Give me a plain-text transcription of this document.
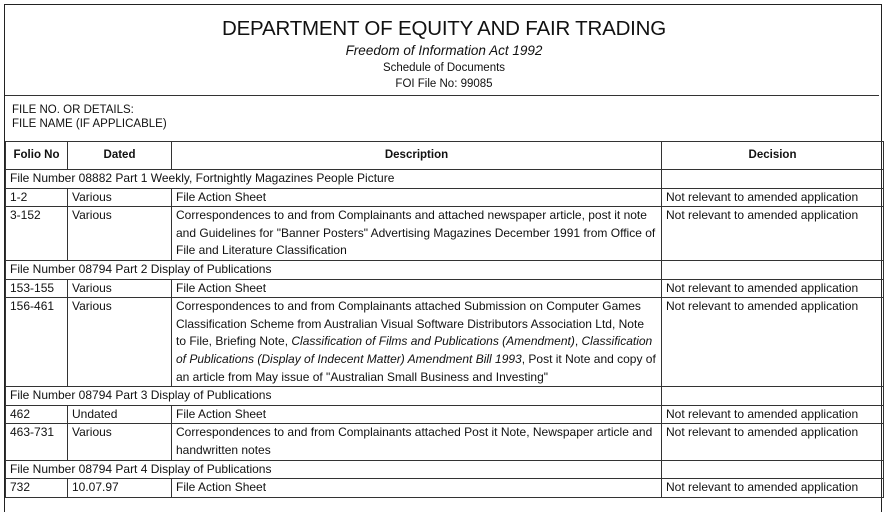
DEPARTMENT OF EQUITY AND FAIR TRADING
Freedom of Information Act 1992
Schedule of Documents
FOI File No: 99085
FILE NO. OR DETAILS:
FILE NAME (IF APPLICABLE)
Folio No	Dated	Description	Decision
File Number 08882 Part 1 Weekly, Fortnightly Magazines People Picture			
1-2	Various	File Action Sheet	Not relevant to amended application
3-152	Various	Correspondences to and from Complainants and attached newspaper article, post it note and Guidelines for "Banner Posters" Advertising Magazines December 1991 from Office of File and Literature Classification	Not relevant to amended application
File Number 08794 Part 2 Display of Publications			
153-155	Various	File Action Sheet	Not relevant to amended application
156-461	Various	Correspondences to and from Complainants attached Submission on Computer Games Classification Scheme from Australian Visual Software Distributors Association Ltd, Note to File, Briefing Note, Classification of Films and Publications (Amendment), Classification of Publications (Display of Indecent Matter) Amendment Bill 1993, Post it Note and copy of an article from May issue of "Australian Small Business and Investing"	Not relevant to amended application
File Number 08794 Part 3 Display of Publications			
462	Undated	File Action Sheet	Not relevant to amended application
463-731	Various	Correspondences to and from Complainants attached Post it Note, Newspaper article and handwritten notes	Not relevant to amended application
File Number 08794 Part 4 Display of Publications			
732	10.07.97	File Action Sheet	Not relevant to amended application
